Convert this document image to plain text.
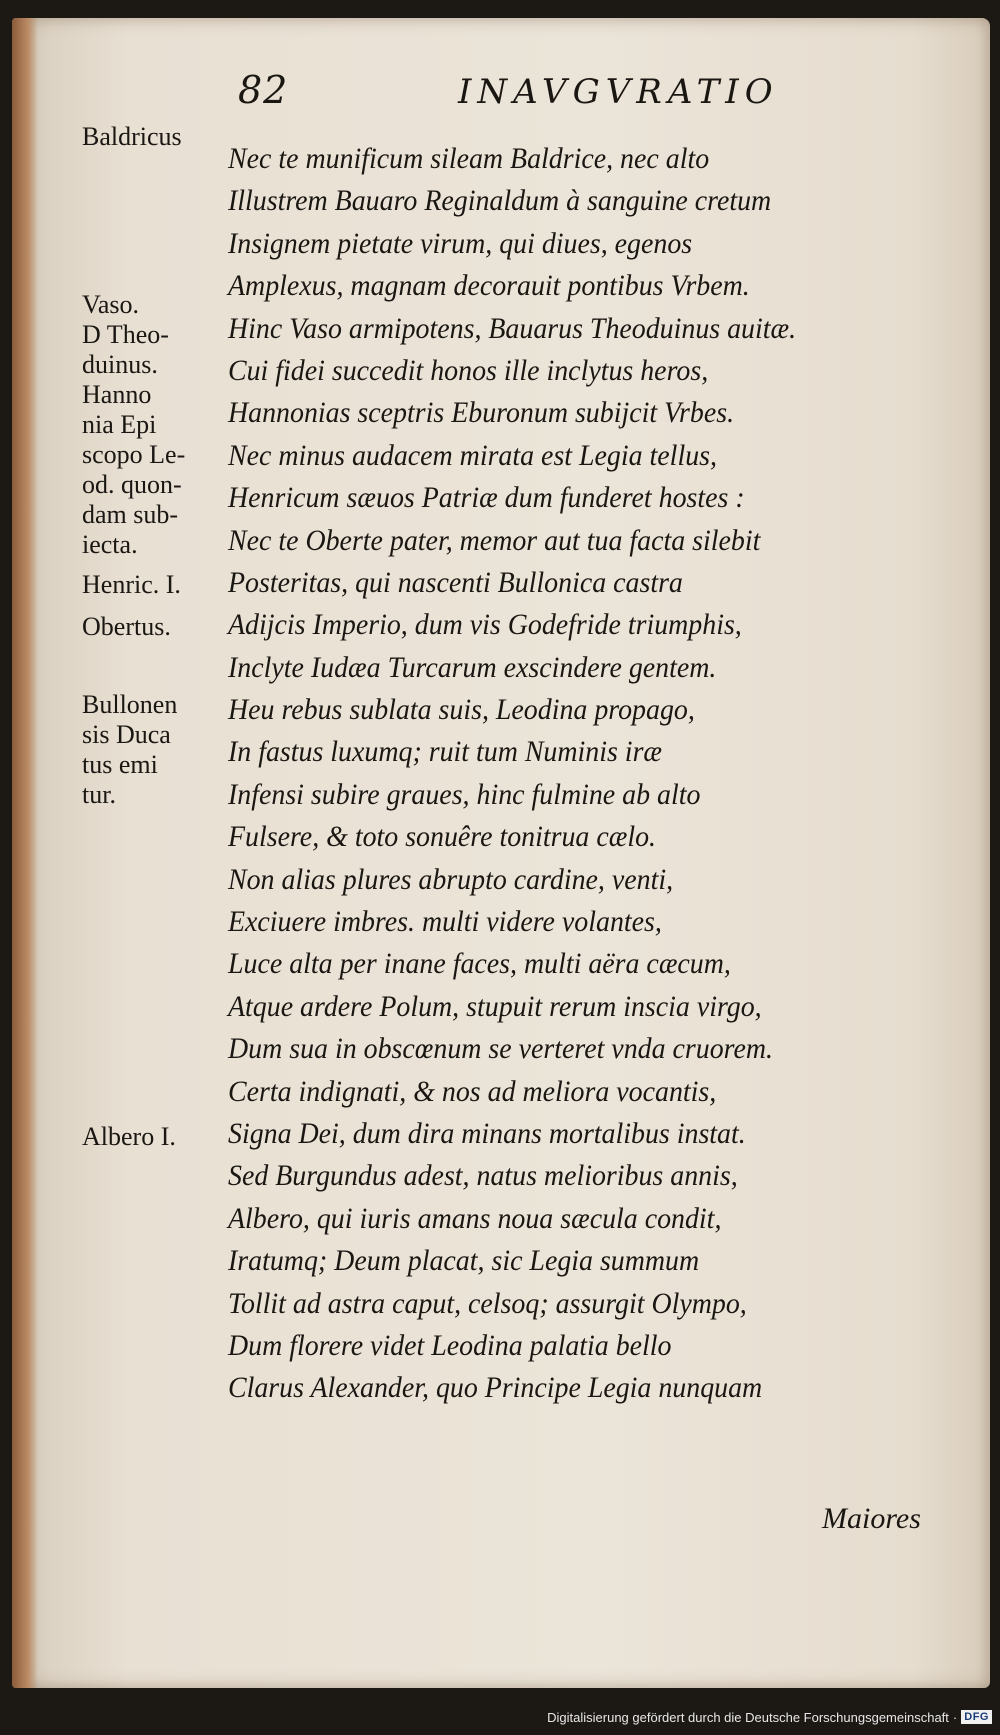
82	INAVGVRATIO

Baldricus

Vaso.
D Theo-
duinus.

Hanno
nia Epi
scopo Le-
od. quon-
dam sub-
iecta.

Henric. I.

Obertus.

Bullonen
sis Duca
tus emi
tur.

Albero I.

Nec te munificum sileam Baldrice, nec alto
Illustrem Bauaro Reginaldum à sanguine cretum
Insignem pietate virum, qui diues, egenos
Amplexus, magnam decorauit pontibus Vrbem.
Hinc Vaso armipotens, Bauarus Theoduinus auitæ.
Cui fidei succedit honos ille inclytus heros,
Hannonias sceptris Eburonum subijcit Vrbes.
Nec minus audacem mirata est Legia tellus,
Henricum sæuos Patriæ dum funderet hostes :
Nec te Oberte pater, memor aut tua facta silebit
Posteritas, qui nascenti Bullonica castra
Adijcis Imperio, dum vis Godefride triumphis,
Inclyte Iudæa Turcarum exscindere gentem.
Heu rebus sublata suis, Leodina propago,
In fastus luxumq; ruit tum Numinis iræ
Infensi subire graues, hinc fulmine ab alto
Fulsere, & toto sonuêre tonitrua cælo.
Non alias plures abrupto cardine, venti,
Exciuere imbres. multi videre volantes,
Luce alta per inane faces, multi aëra cæcum,
Atque ardere Polum, stupuit rerum inscia virgo,
Dum sua in obscœnum se verteret vnda cruorem.
Certa indignati, & nos ad meliora vocantis,
Signa Dei, dum dira minans mortalibus instat.
Sed Burgundus adest, natus melioribus annis,
Albero, qui iuris amans noua sæcula condit,
Iratumq; Deum placat, sic Legia summum
Tollit ad astra caput, celsoq; assurgit Olympo,
Dum florere videt Leodina palatia bello
Clarus Alexander, quo Principe Legia nunquam
Maiores
Digitalisierung gefördert durch die Deutsche Forschungsgemeinschaft · DFG
